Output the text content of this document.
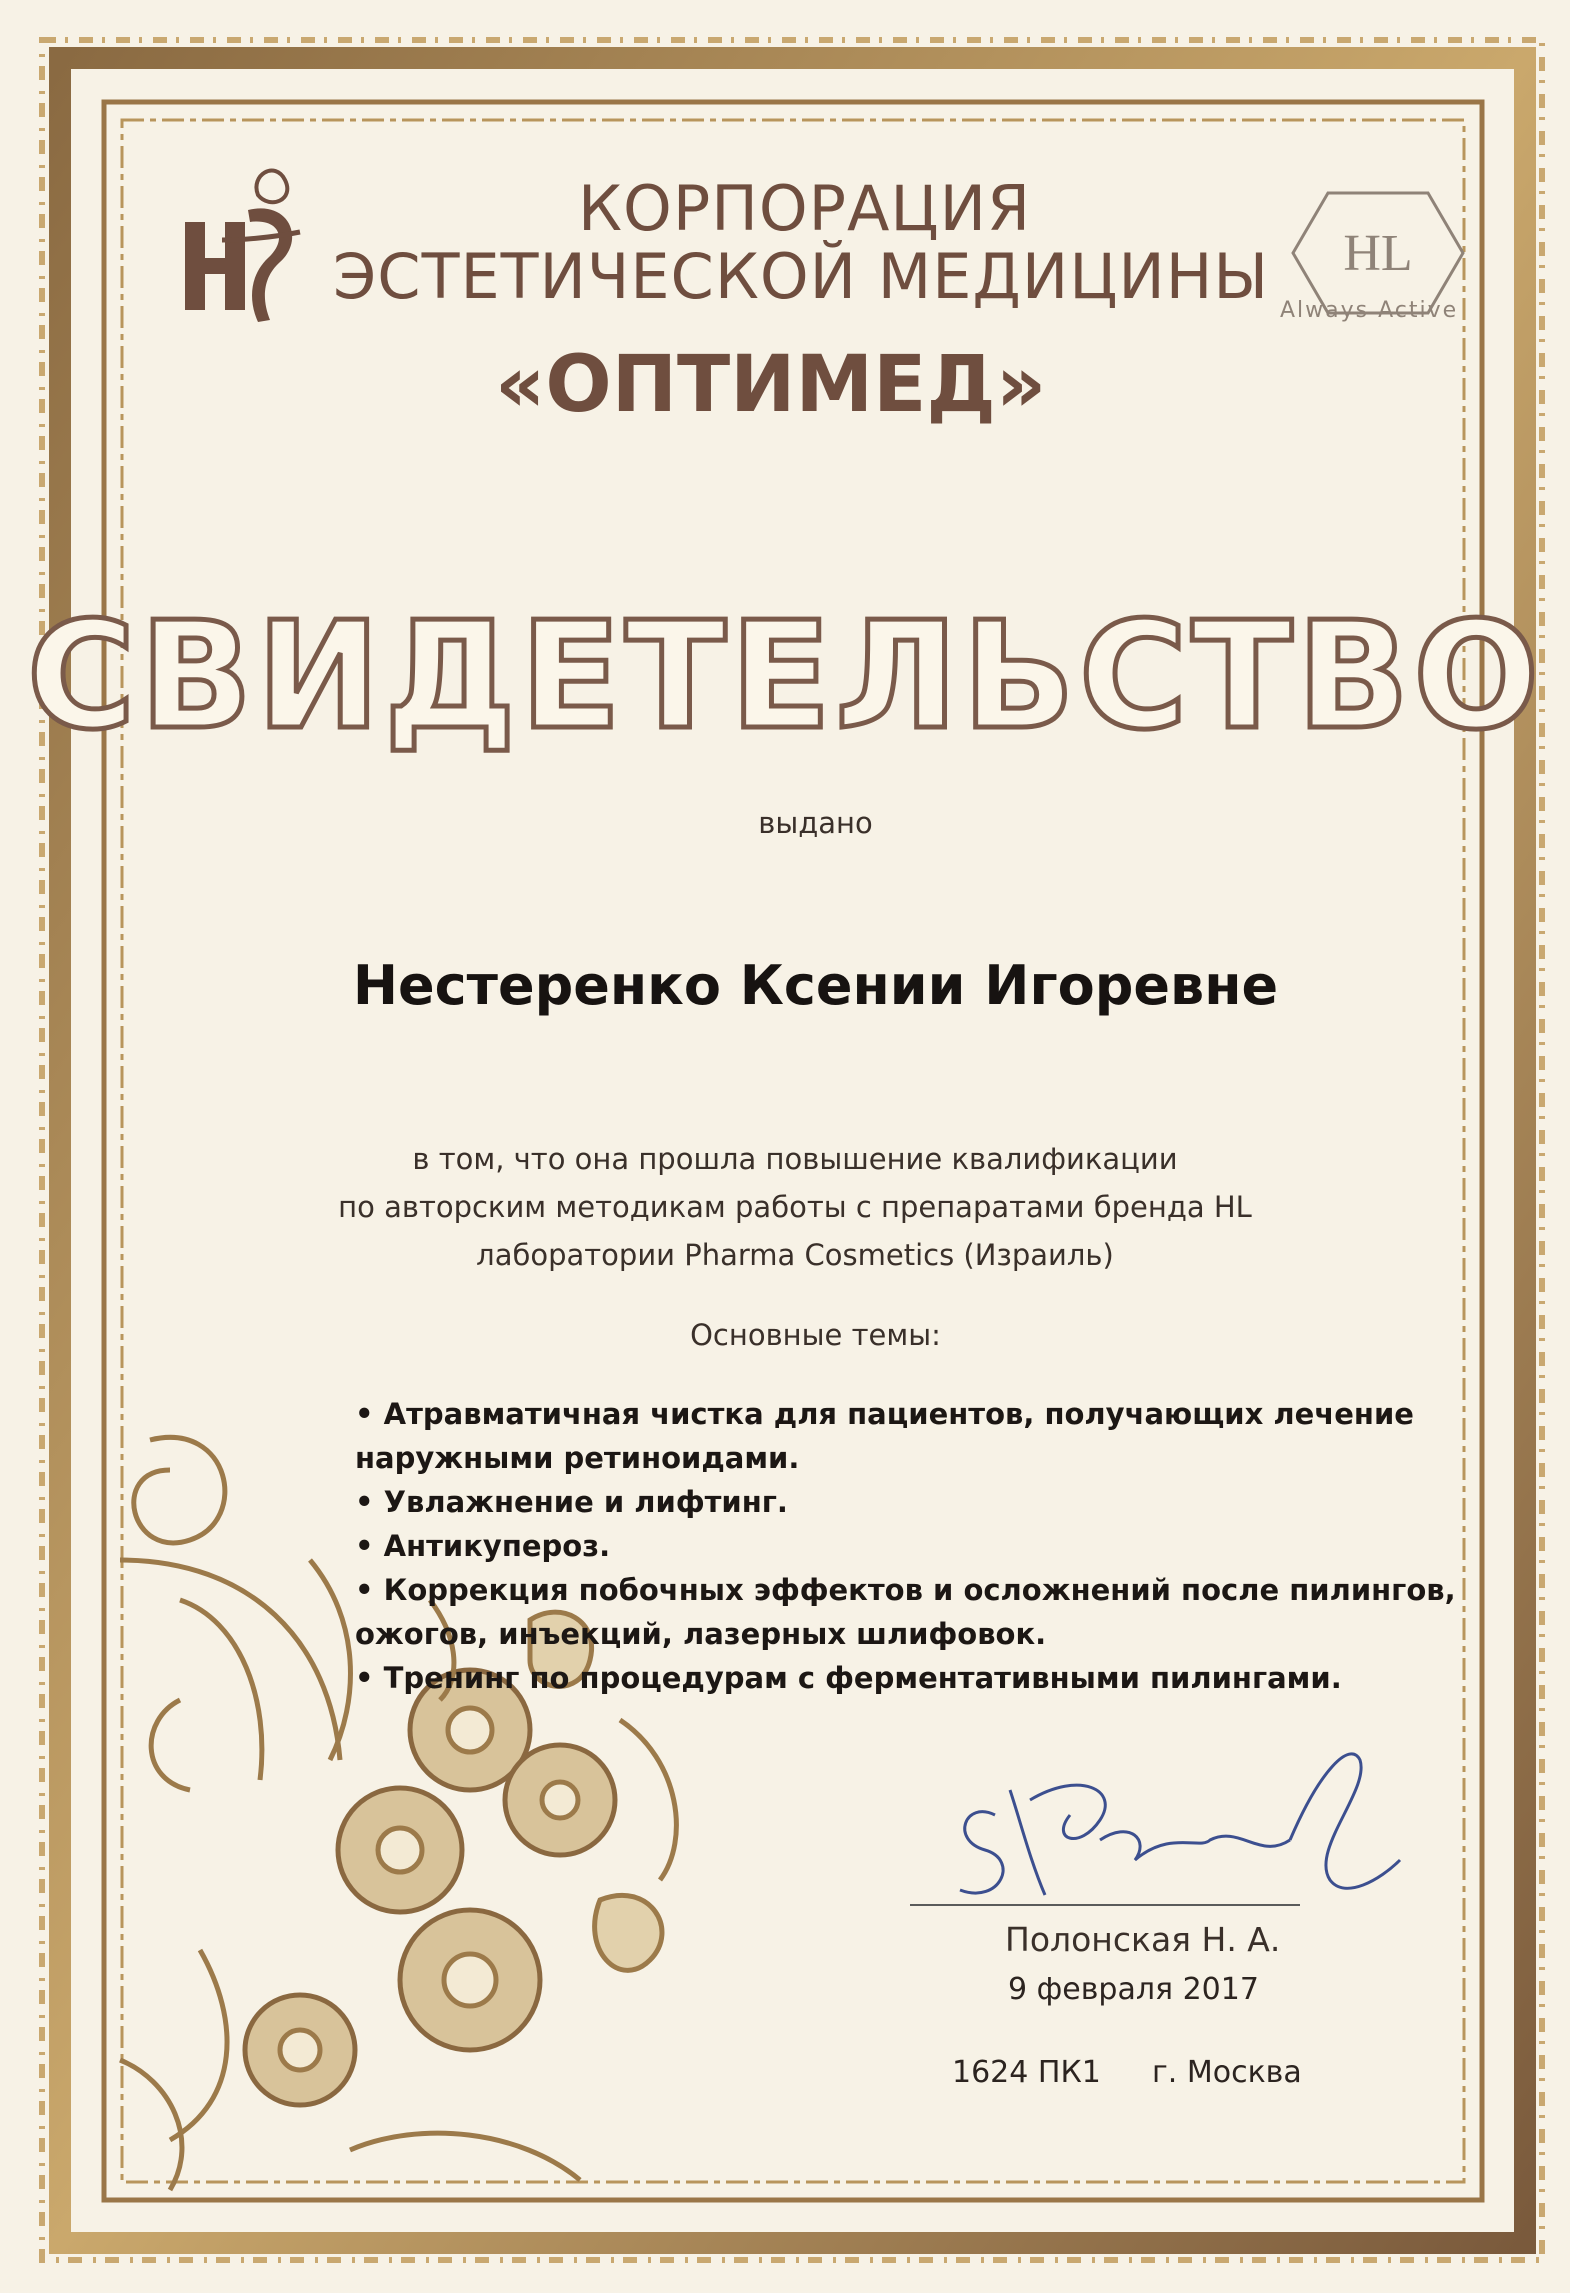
КОРПОРАЦИЯ
ЭСТЕТИЧЕСКОЙ МЕДИЦИНЫ
«ОПТИМЕД»
HL
Always Active
СВИДЕТЕЛЬСТВО
выдано
Нестеренко Ксении Игоревне
в том, что она прошла повышение квалификации
по авторским методикам работы с препаратами бренда HL
лаборатории Pharma Cosmetics (Израиль)
Основные темы:
• Атравматичная чистка для пациентов, получающих лечение
наружными ретиноидами.
• Увлажнение и лифтинг.
• Антикупероз.
• Коррекция побочных эффектов и осложнений после пилингов,
ожогов, инъекций, лазерных шлифовок.
• Тренинг по процедурам с ферментативными пилингами.
Полонская Н. А.
9 февраля 2017
1624 ПК1 г. Москва
